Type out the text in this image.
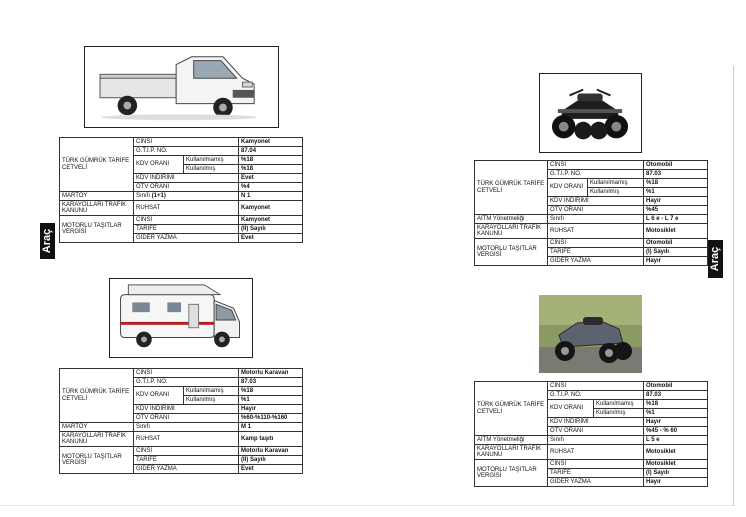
Araç
Araç
TÜRK GÜMRÜK TARİFE CETVELİ	CİNSİ		Kamyonet
	G.T.İ.P. NO.		87.04
	KDV ORANI	Kullanılmamış	%18
		Kullanılmış	%18
	KDV İNDİRİMİ		Evet
	ÖTV ORANI		%4
MARTOY	Sınıfı (1+1)		N 1
KARAYOLLARI TRAFİK KANUNU	RUHSAT		Kamyonet
MOTORLU TAŞITLAR VERGİSİ	CİNSİ		Kamyonet
	TARİFE		(II) Sayılı
	GİDER YAZMA		Evet
TÜRK GÜMRÜK TARİFE CETVELİ	CİNSİ		Motorlu Karavan
	G.T.İ.P. NO.		87.03
	KDV ORANI	Kullanılmamış	%18
		Kullanılmış	%1
	KDV İNDİRİMİ		Hayır
	ÖTV ORANI		%60-%110-%160
MARTOY	Sınıfı		M 1
KARAYOLLARI TRAFİK KANUNU	RUHSAT		Kamp taşıtı
MOTORLU TAŞITLAR VERGİSİ	CİNSİ		Motorlu Karavan
	TARİFE		(II) Sayılı
	GİDER YAZMA		Evet
TÜRK GÜMRÜK TARİFE CETVELİ	CİNSİ		Otomobil
	G.T.İ.P. NO.		87.03
	KDV ORANI	Kullanılmamış	%18
		Kullanılmış	%1
	KDV İNDİRİMİ		Hayır
	ÖTV ORANI		%45
AİTM Yönetmeliği	Sınıfı		L 6 e - L 7 e
KARAYOLLARI TRAFİK KANUNU	RUHSAT		Motosiklet
MOTORLU TAŞITLAR VERGİSİ	CİNSİ		Otomobil
	TARİFE		(I) Sayılı
	GİDER YAZMA		Hayır
TÜRK GÜMRÜK TARİFE CETVELİ	CİNSİ		Otomobil
	G.T.İ.P. NO.		87.03
	KDV ORANI	Kullanılmamış	%18
		Kullanılmış	%1
	KDV İNDİRİMİ		Hayır
	ÖTV ORANI		%45 - % 60
AİTM Yönetmeliği	Sınıfı		L 5 e
KARAYOLLARI TRAFİK KANUNU	RUHSAT		Motosiklet
MOTORLU TAŞITLAR VERGİSİ	CİNSİ		Motosiklet
	TARİFE		(I) Sayılı
	GİDER YAZMA		Hayır
